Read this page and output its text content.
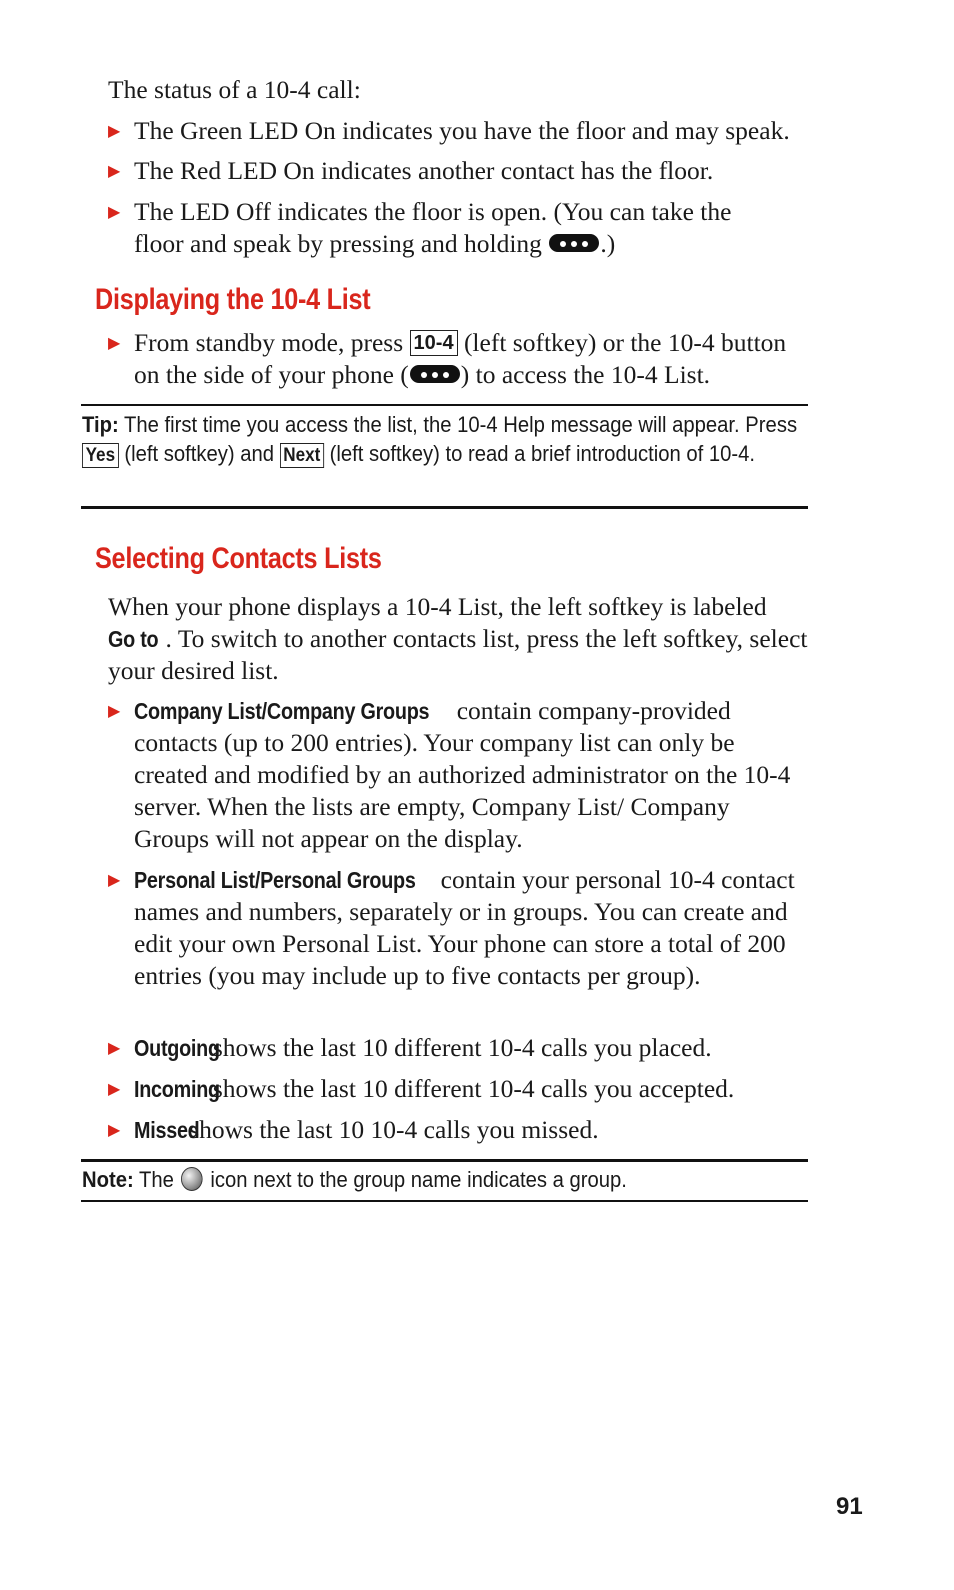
The status of a 10-4 call:

▶ The Green LED On indicates you have the floor and may speak.
▶ The Red LED On indicates another contact has the floor.
▶ The LED Off indicates the floor is open. (You can take the floor and speak by pressing and holding .)
Displaying the 10-4 List
▶ From standby mode, press 10-4 (left softkey) or the 10-4 button on the side of your phone ( ) to access the 10-4 List.
Tip: The first time you access the list, the 10-4 Help message will appear. Press Yes (left softkey) and Next (left softkey) to read a brief introduction of 10-4.
Selecting Contacts Lists

When your phone displays a 10-4 List, the left softkey is labeled Go to . To switch to another contacts list, press the left softkey, select your desired list.

▶ Company List/Company Groups contain company-provided contacts (up to 200 entries). Your company list can only be created and modified by an authorized administrator on the 10-4 server. When the lists are empty, Company List/ Company Groups will not appear on the display.
▶ Personal List/Personal Groups contain your personal 10-4 contact names and numbers, separately or in groups. You can create and edit your own Personal List. Your phone can store a total of 200 entries (you may include up to five contacts per group).
▶ Outgoing shows the last 10 different 10-4 calls you placed.
▶ Incoming shows the last 10 different 10-4 calls you accepted.
▶ Missed shows the last 10 10-4 calls you missed.
Note: The icon next to the group name indicates a group.
91
